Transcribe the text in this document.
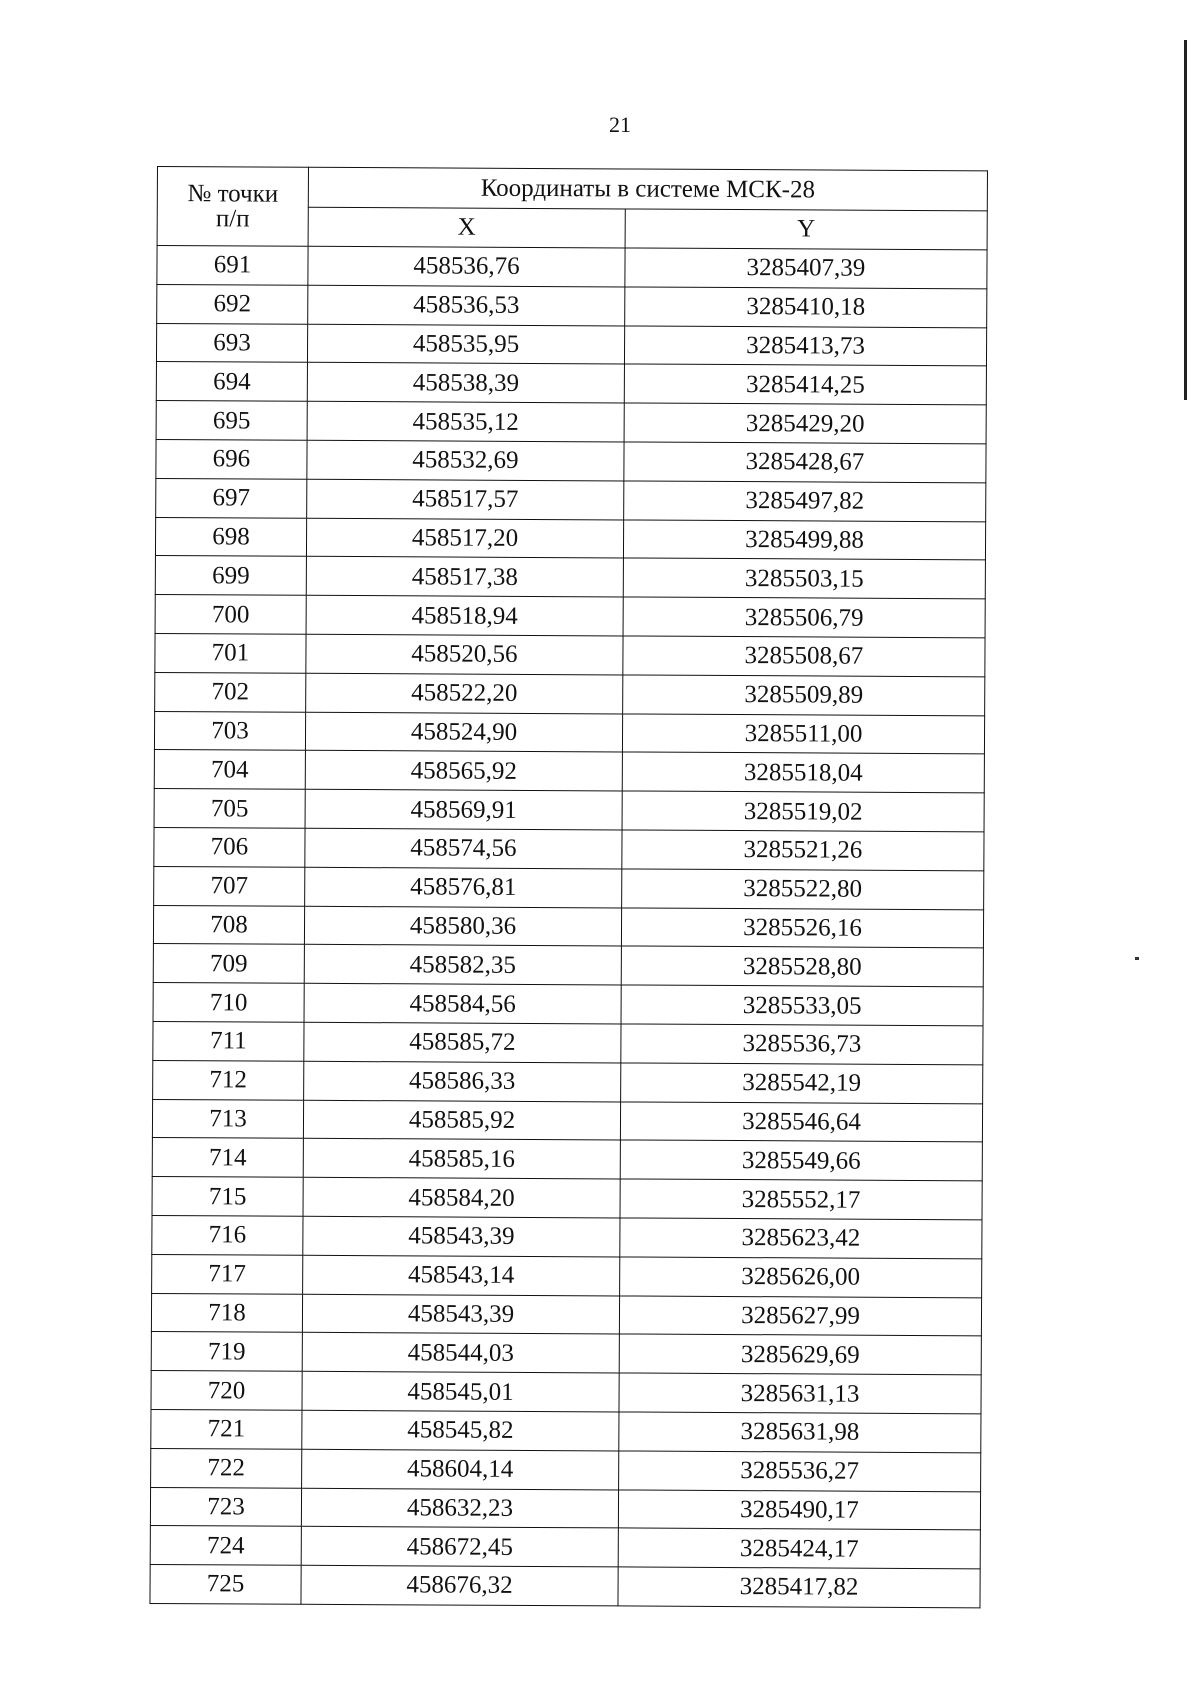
21
№ точки
п/п	Координаты в системе МСК-28	
	X	Y
691	458536,76	3285407,39
692	458536,53	3285410,18
693	458535,95	3285413,73
694	458538,39	3285414,25
695	458535,12	3285429,20
696	458532,69	3285428,67
697	458517,57	3285497,82
698	458517,20	3285499,88
699	458517,38	3285503,15
700	458518,94	3285506,79
701	458520,56	3285508,67
702	458522,20	3285509,89
703	458524,90	3285511,00
704	458565,92	3285518,04
705	458569,91	3285519,02
706	458574,56	3285521,26
707	458576,81	3285522,80
708	458580,36	3285526,16
709	458582,35	3285528,80
710	458584,56	3285533,05
711	458585,72	3285536,73
712	458586,33	3285542,19
713	458585,92	3285546,64
714	458585,16	3285549,66
715	458584,20	3285552,17
716	458543,39	3285623,42
717	458543,14	3285626,00
718	458543,39	3285627,99
719	458544,03	3285629,69
720	458545,01	3285631,13
721	458545,82	3285631,98
722	458604,14	3285536,27
723	458632,23	3285490,17
724	458672,45	3285424,17
725	458676,32	3285417,82
